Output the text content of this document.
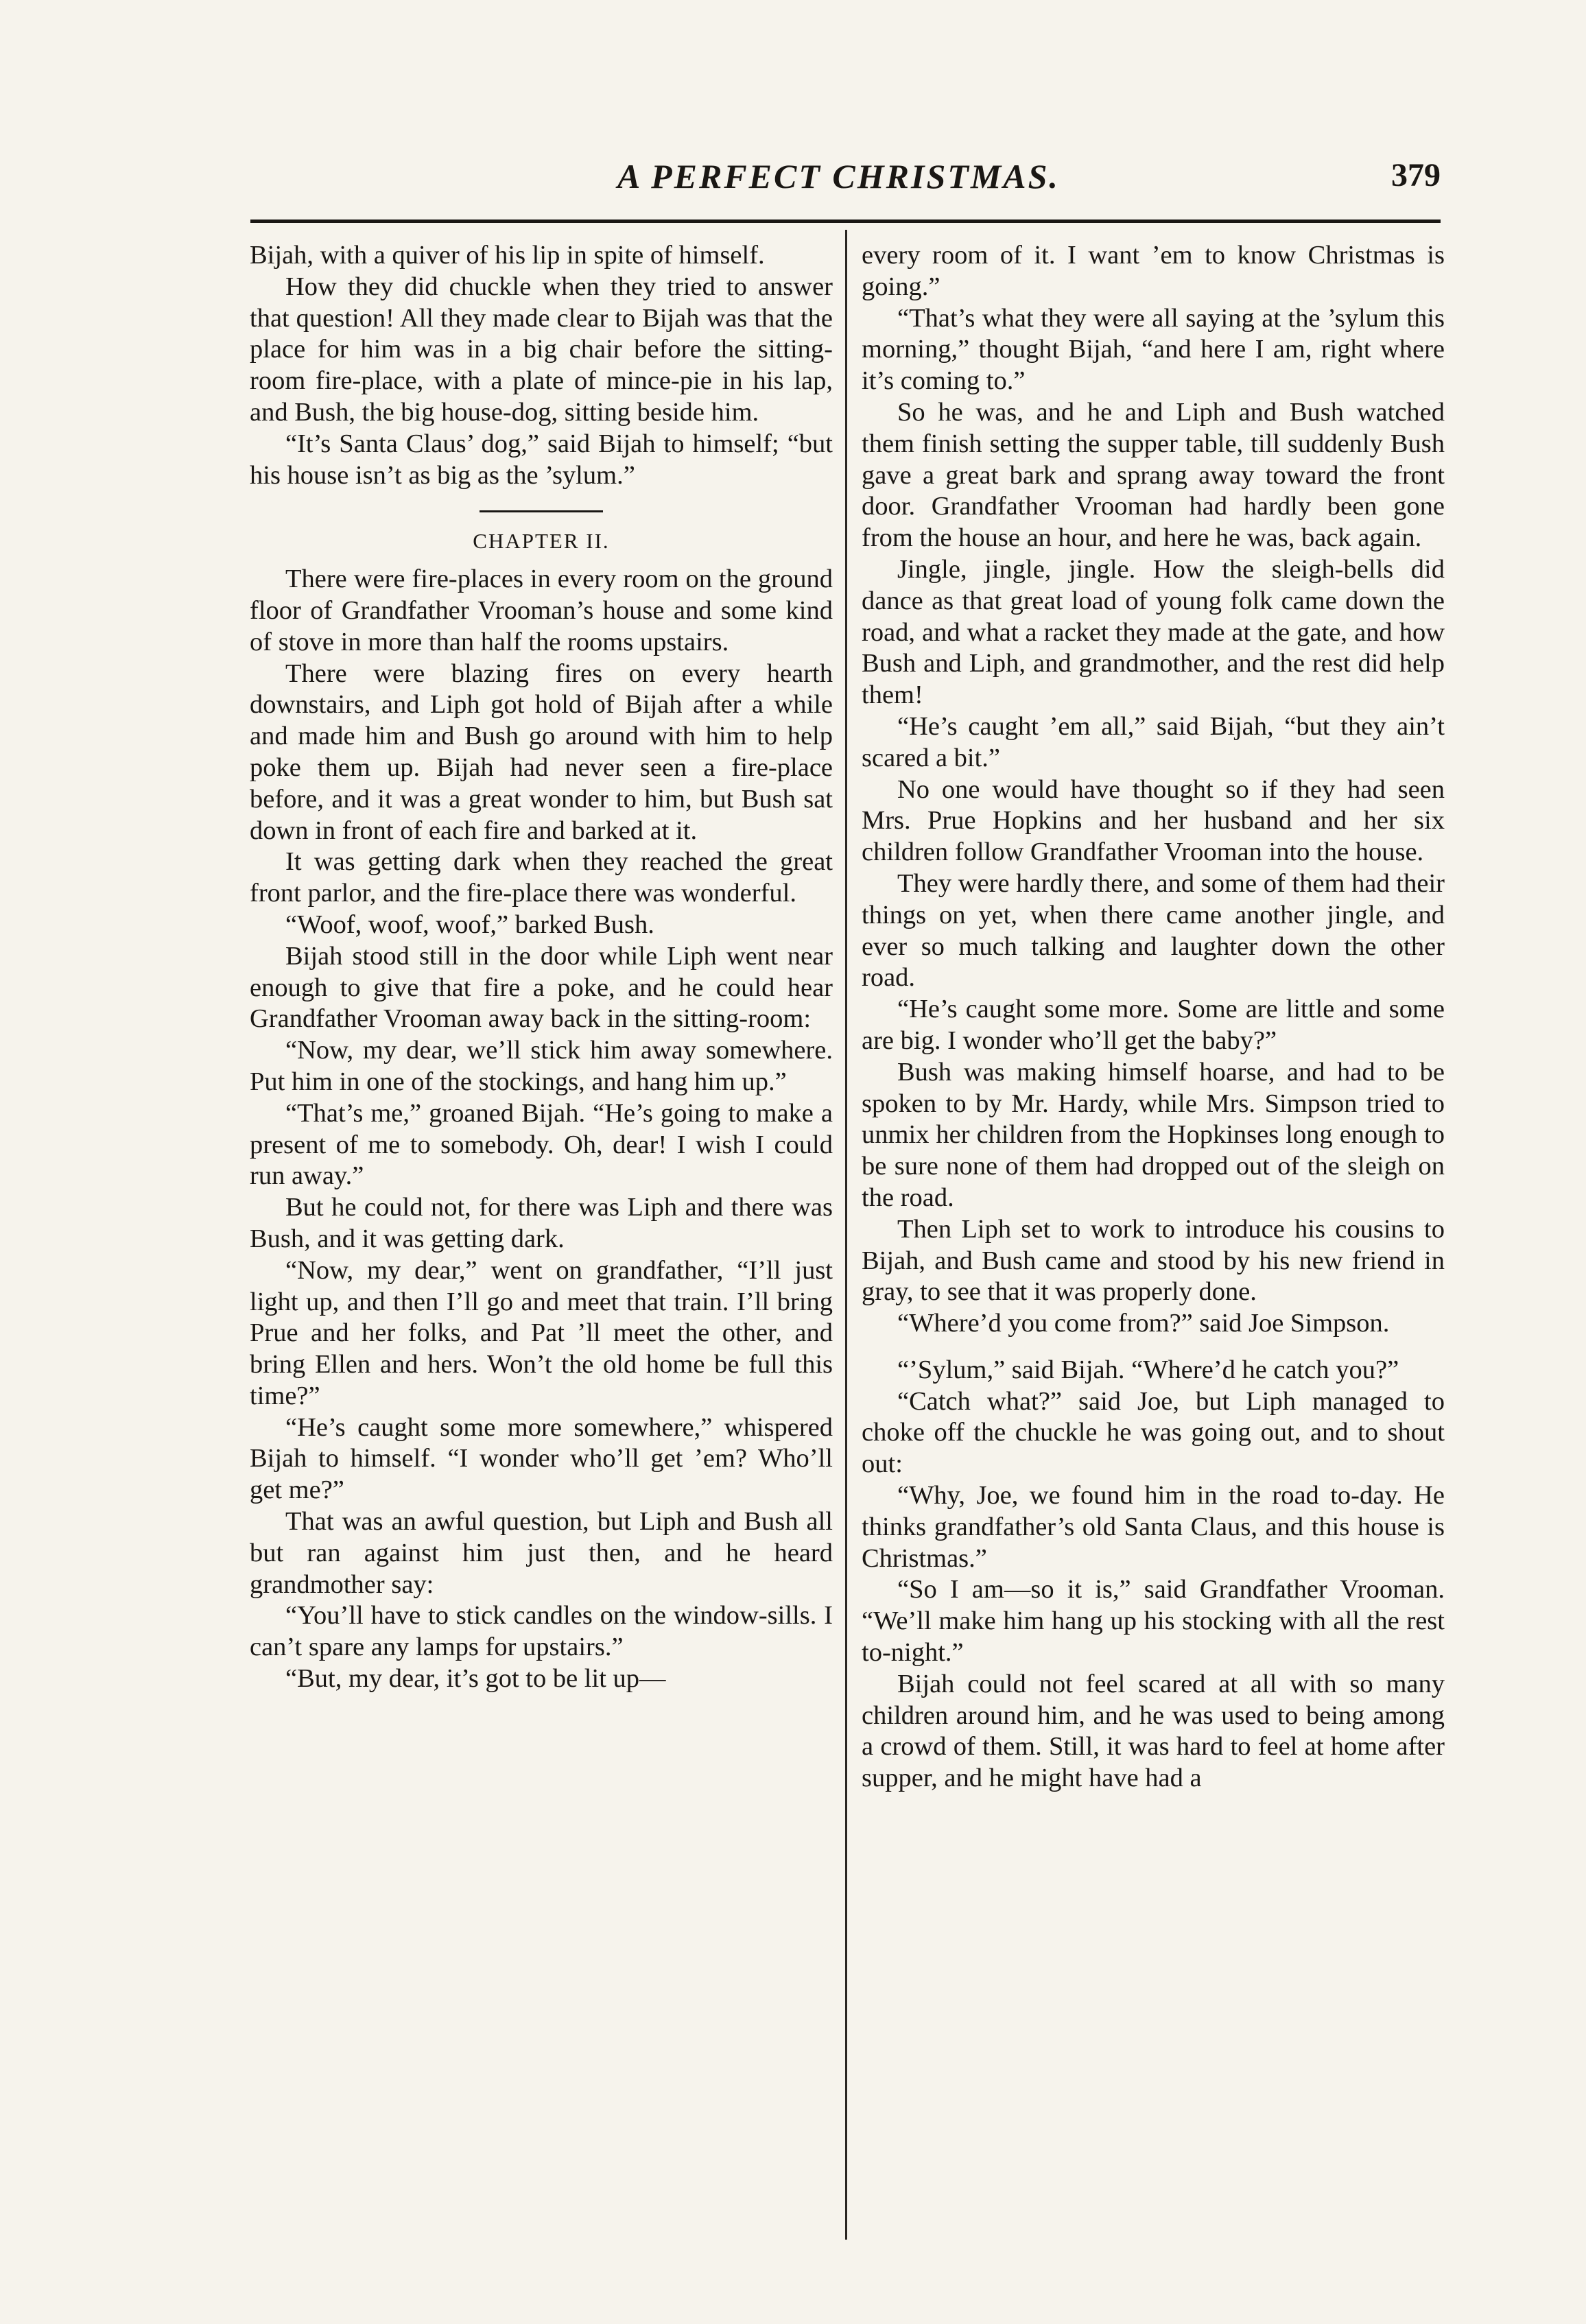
A PERFECT CHRISTMAS.	379

Bijah, with a quiver of his lip in spite of himself.

How they did chuckle when they tried to answer that question! All they made clear to Bijah was that the place for him was in a big chair before the sitting-room fire-place, with a plate of mince-pie in his lap, and Bush, the big house-dog, sitting beside him.

“It’s Santa Claus’ dog,” said Bijah to himself; “but his house isn’t as big as the ’sylum.”

CHAPTER II.

There were fire-places in every room on the ground floor of Grandfather Vrooman’s house and some kind of stove in more than half the rooms upstairs.

There were blazing fires on every hearth downstairs, and Liph got hold of Bijah after a while and made him and Bush go around with him to help poke them up. Bijah had never seen a fire-place before, and it was a great wonder to him, but Bush sat down in front of each fire and barked at it.

It was getting dark when they reached the great front parlor, and the fire-place there was wonderful.

“Woof, woof, woof,” barked Bush.

Bijah stood still in the door while Liph went near enough to give that fire a poke, and he could hear Grandfather Vrooman away back in the sitting-room:

“Now, my dear, we’ll stick him away somewhere. Put him in one of the stockings, and hang him up.”

“That’s me,” groaned Bijah. “He’s going to make a present of me to somebody. Oh, dear! I wish I could run away.”

But he could not, for there was Liph and there was Bush, and it was getting dark.

“Now, my dear,” went on grandfather, “I’ll just light up, and then I’ll go and meet that train. I’ll bring Prue and her folks, and Pat ’ll meet the other, and bring Ellen and hers. Won’t the old home be full this time?”

“He’s caught some more somewhere,” whispered Bijah to himself. “I wonder who’ll get ’em? Who’ll get me?”

That was an awful question, but Liph and Bush all but ran against him just then, and he heard grandmother say:

“You’ll have to stick candles on the window-sills. I can’t spare any lamps for upstairs.”

“But, my dear, it’s got to be lit up—

every room of it. I want ’em to know Christmas is going.”

“That’s what they were all saying at the ’sylum this morning,” thought Bijah, “and here I am, right where it’s coming to.”

So he was, and he and Liph and Bush watched them finish setting the supper table, till suddenly Bush gave a great bark and sprang away toward the front door. Grandfather Vrooman had hardly been gone from the house an hour, and here he was, back again.

Jingle, jingle, jingle. How the sleigh-bells did dance as that great load of young folk came down the road, and what a racket they made at the gate, and how Bush and Liph, and grandmother, and the rest did help them!

“He’s caught ’em all,” said Bijah, “but they ain’t scared a bit.”

No one would have thought so if they had seen Mrs. Prue Hopkins and her husband and her six children follow Grandfather Vrooman into the house.

They were hardly there, and some of them had their things on yet, when there came another jingle, and ever so much talking and laughter down the other road.

“He’s caught some more. Some are little and some are big. I wonder who’ll get the baby?”

Bush was making himself hoarse, and had to be spoken to by Mr. Hardy, while Mrs. Simpson tried to unmix her children from the Hopkinses long enough to be sure none of them had dropped out of the sleigh on the road.

Then Liph set to work to introduce his cousins to Bijah, and Bush came and stood by his new friend in gray, to see that it was properly done.

“Where’d you come from?” said Joe Simpson.

“’Sylum,” said Bijah. “Where’d he catch you?”

“Catch what?” said Joe, but Liph managed to choke off the chuckle he was going out, and to shout out:

“Why, Joe, we found him in the road to-day. He thinks grandfather’s old Santa Claus, and this house is Christmas.”

“So I am—so it is,” said Grandfather Vrooman. “We’ll make him hang up his stocking with all the rest to-night.”

Bijah could not feel scared at all with so many children around him, and he was used to being among a crowd of them. Still, it was hard to feel at home after supper, and he might have had a
